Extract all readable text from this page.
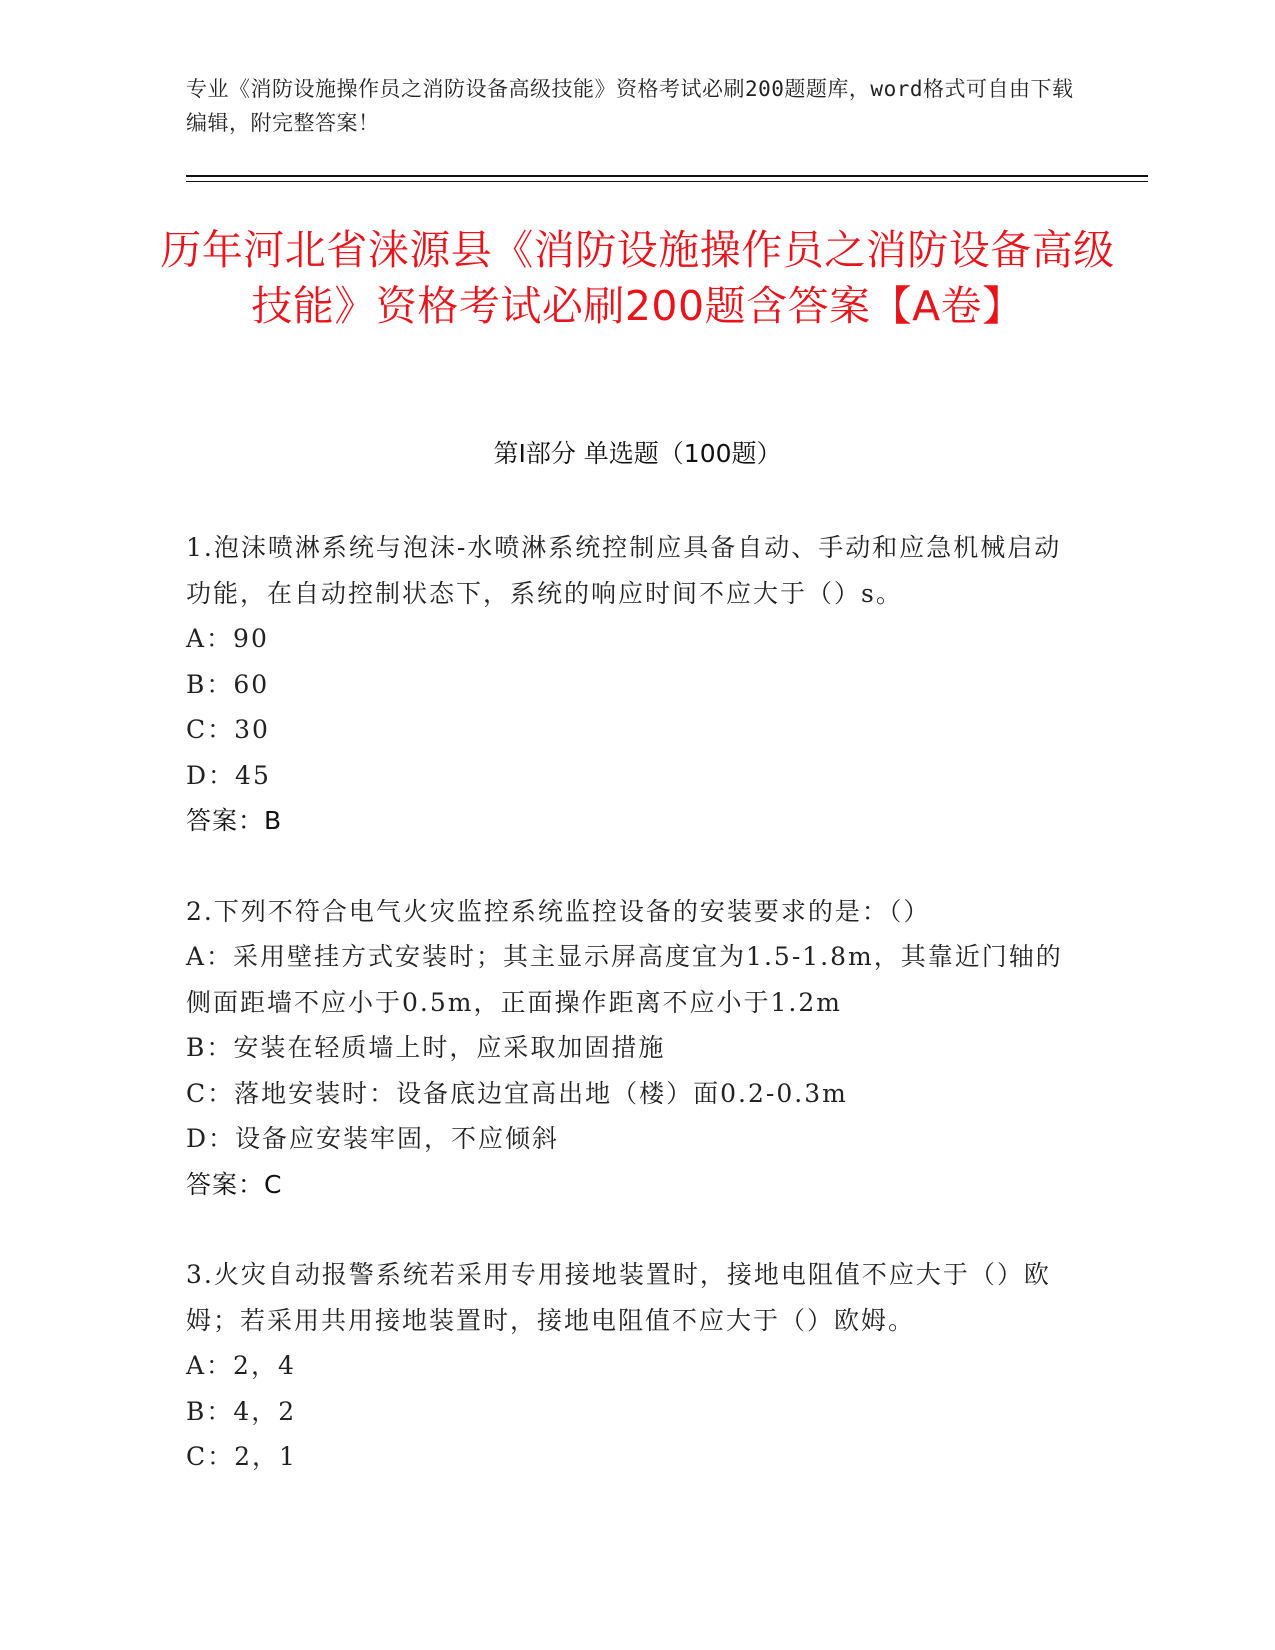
专业《消防设施操作员之消防设备高级技能》资格考试必刷200题题库，word格式可自由下载编辑，附完整答案！
历年河北省涞源县《消防设施操作员之消防设备高级技能》资格考试必刷200题含答案【A卷】
第Ⅰ部分 单选题（100题）
1.泡沫喷淋系统与泡沫-水喷淋系统控制应具备自动、手动和应急机械启动功能，在自动控制状态下，系统的响应时间不应大于（）s。
A：90
B：60
C：30
D：45
答案：B
2.下列不符合电气火灾监控系统监控设备的安装要求的是：（）
A：采用壁挂方式安装时；其主显示屏高度宜为1.5-1.8m，其靠近门轴的侧面距墙不应小于0.5m，正面操作距离不应小于1.2m
B：安装在轻质墙上时，应采取加固措施
C：落地安装时：设备底边宜高出地（楼）面0.2-0.3m
D：设备应安装牢固，不应倾斜
答案：C
3.火灾自动报警系统若采用专用接地装置时，接地电阻值不应大于（）欧姆；若采用共用接地装置时，接地电阻值不应大于（）欧姆。
A：2，4
B：4，2
C：2，1
